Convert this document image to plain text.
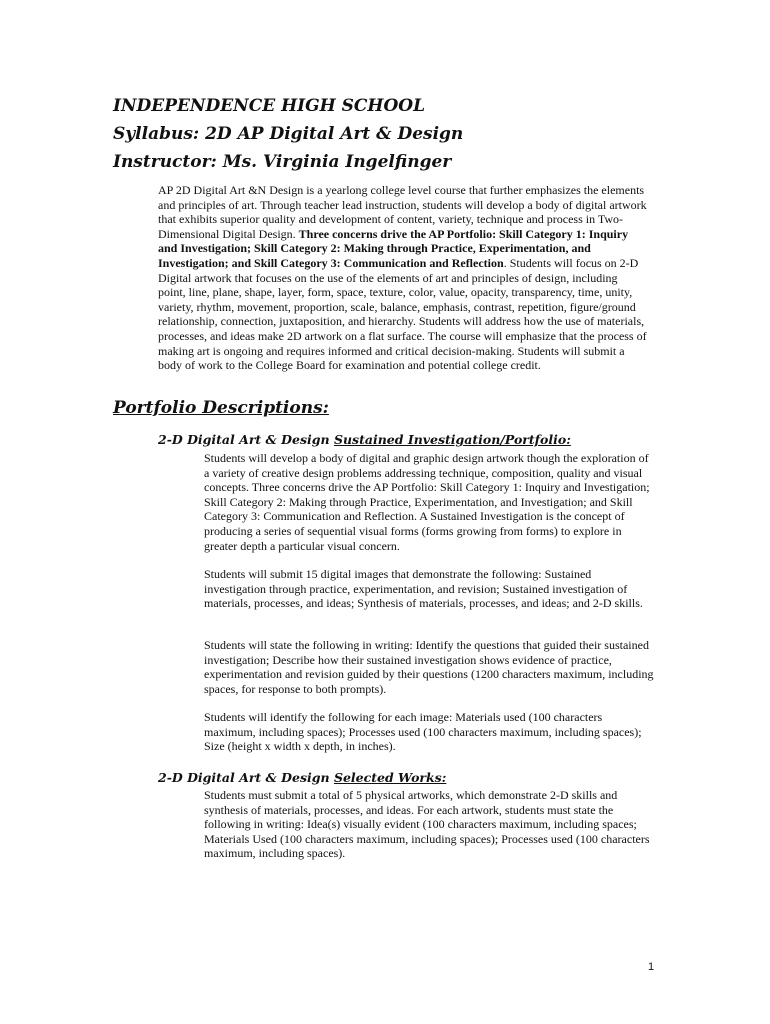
INDEPENDENCE HIGH SCHOOL
Syllabus: 2D AP Digital Art & Design
Instructor: Ms. Virginia Ingelfinger
AP 2D Digital Art &N Design is a yearlong college level course that further emphasizes the elements and principles of art. Through teacher lead instruction, students will develop a body of digital artwork that exhibits superior quality and development of content, variety, technique and process in Two-Dimensional Digital Design. Three concerns drive the AP Portfolio: Skill Category 1: Inquiry and Investigation; Skill Category 2: Making through Practice, Experimentation, and Investigation; and Skill Category 3: Communication and Reflection. Students will focus on 2-D Digital artwork that focuses on the use of the elements of art and principles of design, including point, line, plane, shape, layer, form, space, texture, color, value, opacity, transparency, time, unity, variety, rhythm, movement, proportion, scale, balance, emphasis, contrast, repetition, figure/ground relationship, connection, juxtaposition, and hierarchy. Students will address how the use of materials, processes, and ideas make 2D artwork on a flat surface. The course will emphasize that the process of making art is ongoing and requires informed and critical decision-making. Students will submit a body of work to the College Board for examination and potential college credit.
Portfolio Descriptions:
2-D Digital Art & Design Sustained Investigation/Portfolio:
Students will develop a body of digital and graphic design artwork though the exploration of a variety of creative design problems addressing technique, composition, quality and visual concepts. Three concerns drive the AP Portfolio: Skill Category 1: Inquiry and Investigation; Skill Category 2: Making through Practice, Experimentation, and Investigation; and Skill Category 3: Communication and Reflection. A Sustained Investigation is the concept of producing a series of sequential visual forms (forms growing from forms) to explore in greater depth a particular visual concern.
Students will submit 15 digital images that demonstrate the following: Sustained investigation through practice, experimentation, and revision; Sustained investigation of materials, processes, and ideas; Synthesis of materials, processes, and ideas; and 2-D skills.
Students will state the following in writing: Identify the questions that guided their sustained investigation; Describe how their sustained investigation shows evidence of practice, experimentation and revision guided by their questions (1200 characters maximum, including spaces, for response to both prompts).
Students will identify the following for each image: Materials used (100 characters maximum, including spaces); Processes used (100 characters maximum, including spaces); Size (height x width x depth, in inches).
2-D Digital Art & Design Selected Works:
Students must submit a total of 5 physical artworks, which demonstrate 2-D skills and synthesis of materials, processes, and ideas. For each artwork, students must state the following in writing: Idea(s) visually evident (100 characters maximum, including spaces; Materials Used (100 characters maximum, including spaces); Processes used (100 characters maximum, including spaces).
1
